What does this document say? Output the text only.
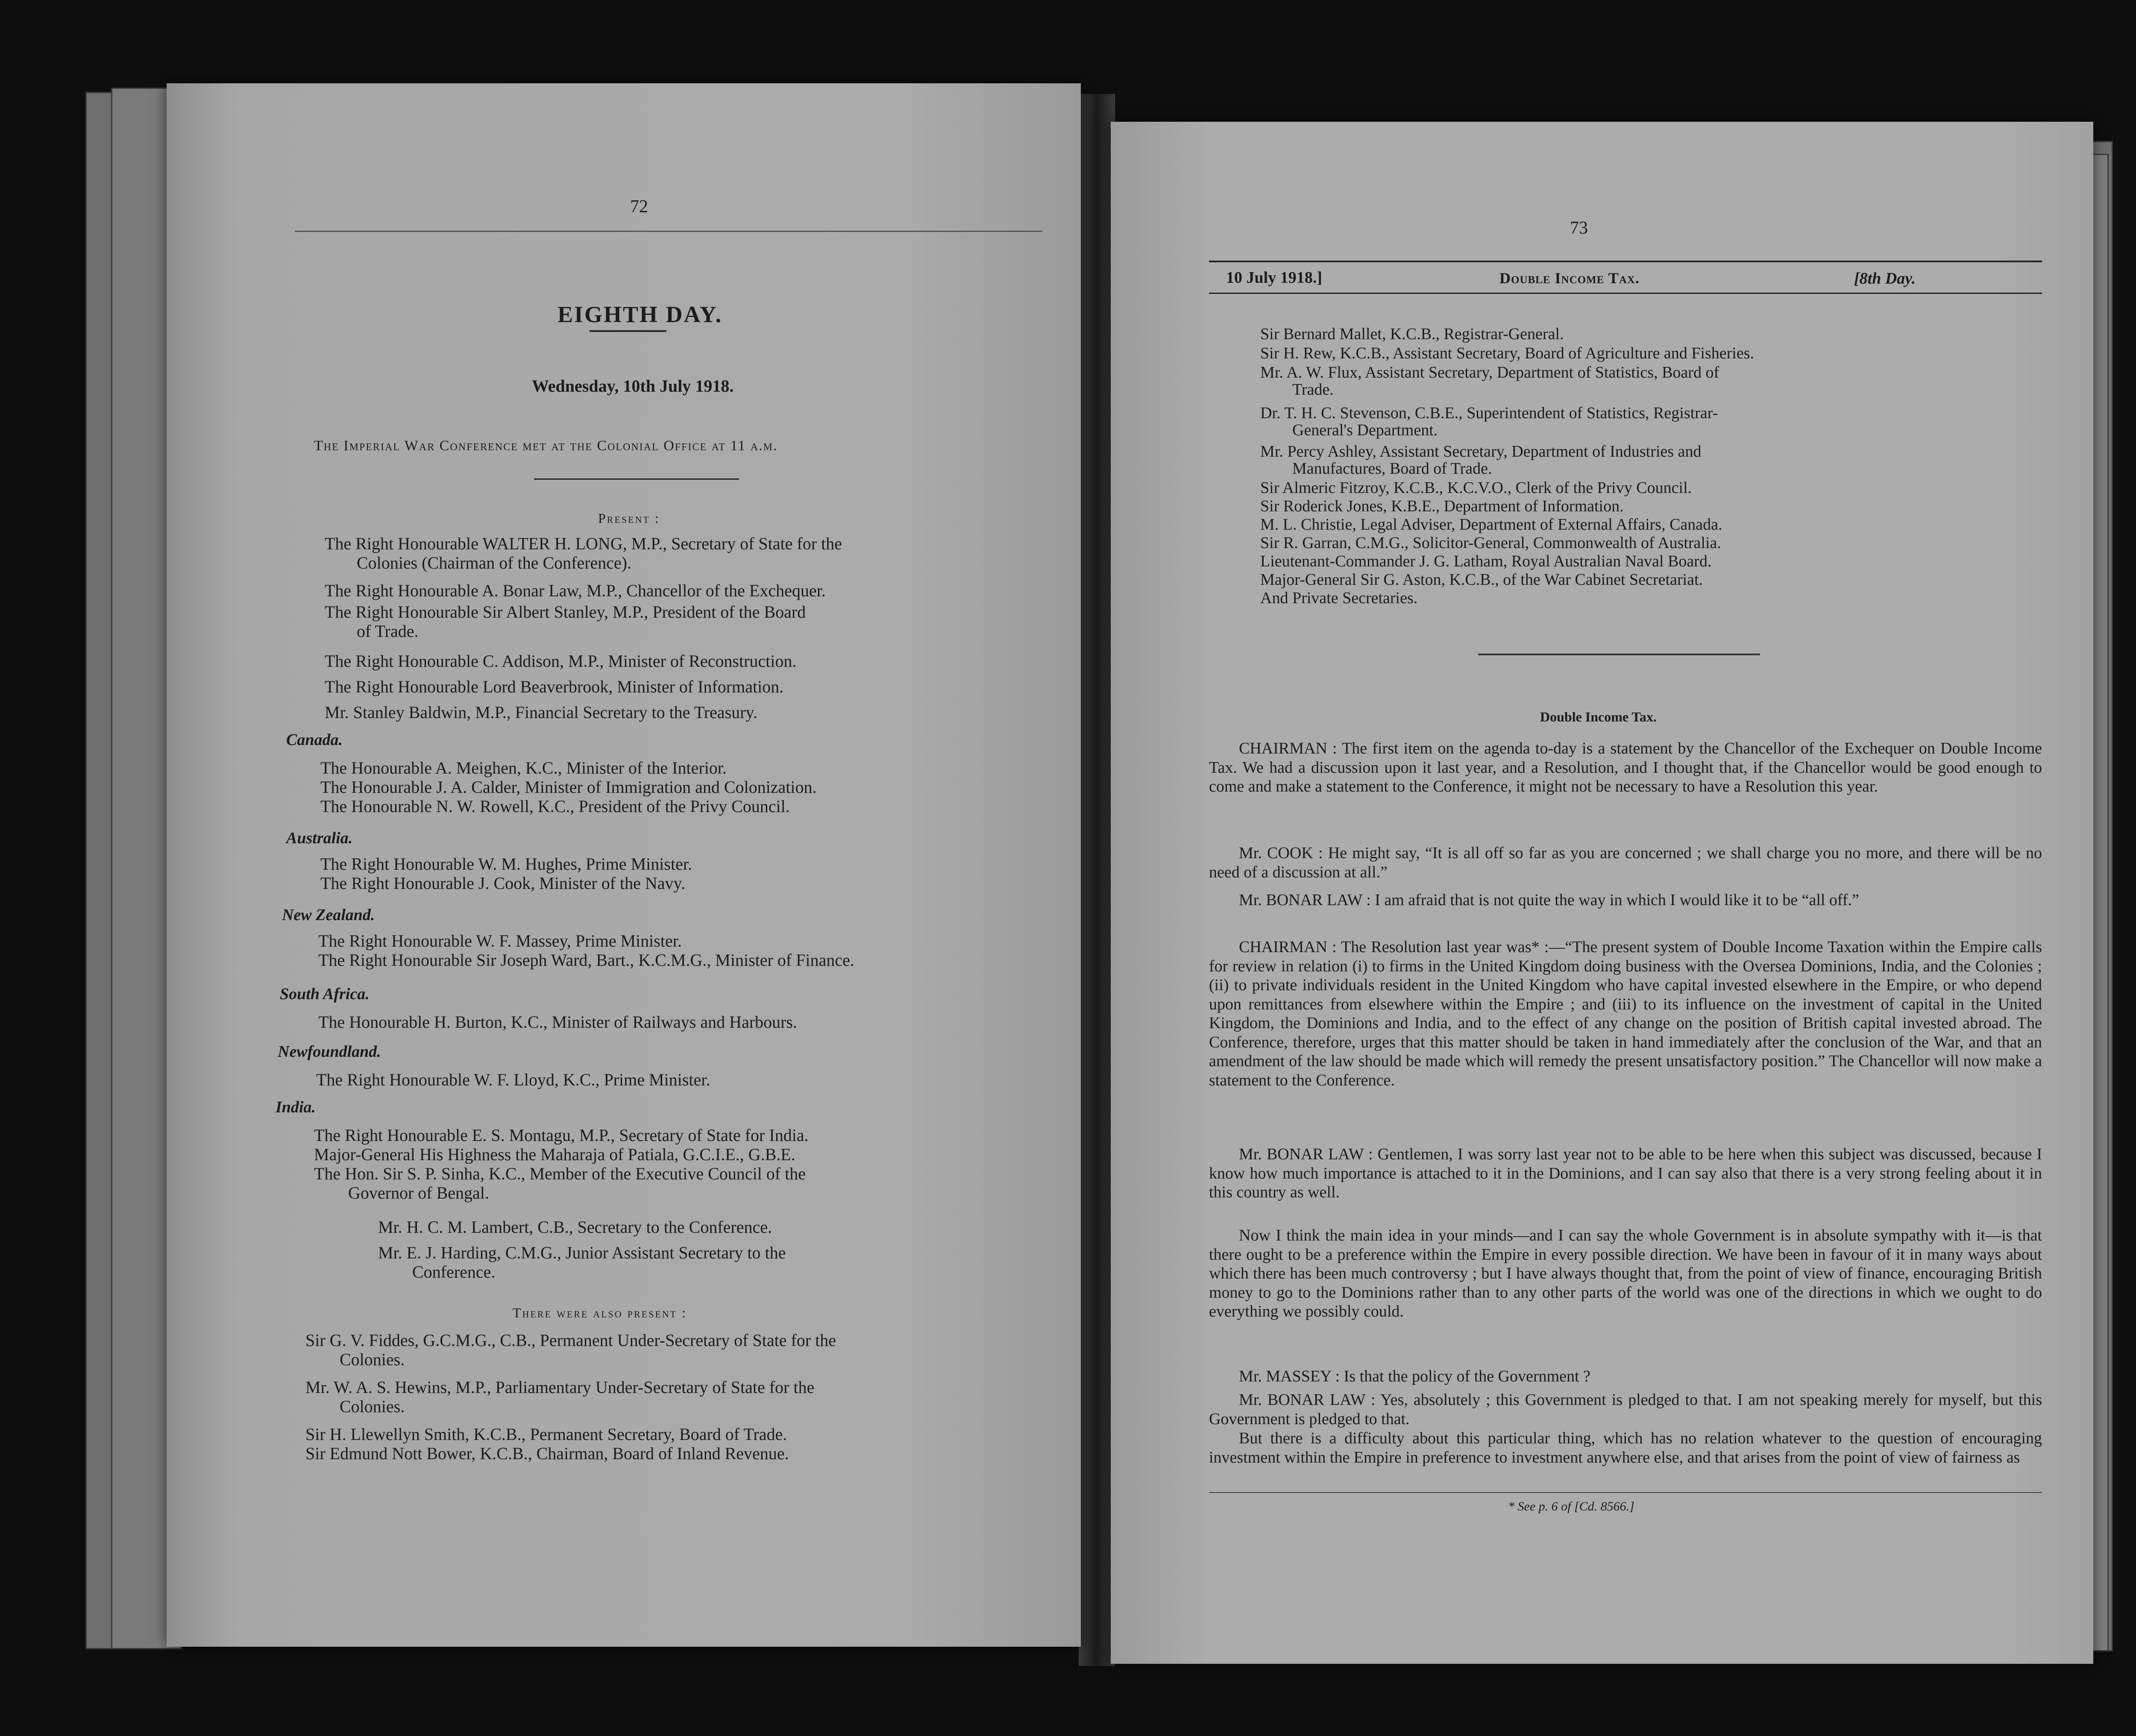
72
EIGHTH DAY.
Wednesday, 10th July 1918.
The Imperial War Conference met at the Colonial Office at 11 a.m.
Present :
The Right Honourable WALTER H. LONG, M.P., Secretary of State for the
Colonies (Chairman of the Conference).
The Right Honourable A. Bonar Law, M.P., Chancellor of the Exchequer.
The Right Honourable Sir Albert Stanley, M.P., President of the Board
of Trade.
The Right Honourable C. Addison, M.P., Minister of Reconstruction.
The Right Honourable Lord Beaverbrook, Minister of Information.
Mr. Stanley Baldwin, M.P., Financial Secretary to the Treasury.
Canada.
The Honourable A. Meighen, K.C., Minister of the Interior.
The Honourable J. A. Calder, Minister of Immigration and Colonization.
The Honourable N. W. Rowell, K.C., President of the Privy Council.
Australia.
The Right Honourable W. M. Hughes, Prime Minister.
The Right Honourable J. Cook, Minister of the Navy.
New Zealand.
The Right Honourable W. F. Massey, Prime Minister.
The Right Honourable Sir Joseph Ward, Bart., K.C.M.G., Minister of Finance.
South Africa.
The Honourable H. Burton, K.C., Minister of Railways and Harbours.
Newfoundland.
The Right Honourable W. F. Lloyd, K.C., Prime Minister.
India.
The Right Honourable E. S. Montagu, M.P., Secretary of State for India.
Major-General His Highness the Maharaja of Patiala, G.C.I.E., G.B.E.
The Hon. Sir S. P. Sinha, K.C., Member of the Executive Council of the
Governor of Bengal.
Mr. H. C. M. Lambert, C.B., Secretary to the Conference.
Mr. E. J. Harding, C.M.G., Junior Assistant Secretary to the
Conference.
There were also present :
Sir G. V. Fiddes, G.C.M.G., C.B., Permanent Under-Secretary of State for the
Colonies.
Mr. W. A. S. Hewins, M.P., Parliamentary Under-Secretary of State for the
Colonies.
Sir H. Llewellyn Smith, K.C.B., Permanent Secretary, Board of Trade.
Sir Edmund Nott Bower, K.C.B., Chairman, Board of Inland Revenue.
73
10 July 1918.]	Double Income Tax.	[8th Day.
Sir Bernard Mallet, K.C.B., Registrar-General.
Sir H. Rew, K.C.B., Assistant Secretary, Board of Agriculture and Fisheries.
Mr. A. W. Flux, Assistant Secretary, Department of Statistics, Board of
Trade.
Dr. T. H. C. Stevenson, C.B.E., Superintendent of Statistics, Registrar-
General's Department.
Mr. Percy Ashley, Assistant Secretary, Department of Industries and
Manufactures, Board of Trade.
Sir Almeric Fitzroy, K.C.B., K.C.V.O., Clerk of the Privy Council.
Sir Roderick Jones, K.B.E., Department of Information.
M. L. Christie, Legal Adviser, Department of External Affairs, Canada.
Sir R. Garran, C.M.G., Solicitor-General, Commonwealth of Australia.
Lieutenant-Commander J. G. Latham, Royal Australian Naval Board.
Major-General Sir G. Aston, K.C.B., of the War Cabinet Secretariat.
And Private Secretaries.
Double Income Tax.
CHAIRMAN : The first item on the agenda to-day is a statement by the Chancellor of the Exchequer on Double Income Tax. We had a discussion upon it last year, and a Resolution, and I thought that, if the Chancellor would be good enough to come and make a statement to the Conference, it might not be necessary to have a Resolution this year.
Mr. COOK : He might say, “It is all off so far as you are concerned ; we shall charge you no more, and there will be no need of a discussion at all.”
Mr. BONAR LAW : I am afraid that is not quite the way in which I would like it to be “all off.”
CHAIRMAN : The Resolution last year was* :—“The present system of Double Income Taxation within the Empire calls for review in relation (i) to firms in the United Kingdom doing business with the Oversea Dominions, India, and the Colonies ; (ii) to private individuals resident in the United Kingdom who have capital invested elsewhere in the Empire, or who depend upon remittances from elsewhere within the Empire ; and (iii) to its influence on the investment of capital in the United Kingdom, the Dominions and India, and to the effect of any change on the position of British capital invested abroad. The Conference, therefore, urges that this matter should be taken in hand immediately after the conclusion of the War, and that an amendment of the law should be made which will remedy the present unsatisfactory position.” The Chancellor will now make a statement to the Conference.
Mr. BONAR LAW : Gentlemen, I was sorry last year not to be able to be here when this subject was discussed, because I know how much importance is attached to it in the Dominions, and I can say also that there is a very strong feeling about it in this country as well.
Now I think the main idea in your minds—and I can say the whole Government is in absolute sympathy with it—is that there ought to be a preference within the Empire in every possible direction. We have been in favour of it in many ways about which there has been much controversy ; but I have always thought that, from the point of view of finance, encouraging British money to go to the Dominions rather than to any other parts of the world was one of the directions in which we ought to do everything we possibly could.
Mr. MASSEY : Is that the policy of the Government ?
Mr. BONAR LAW : Yes, absolutely ; this Government is pledged to that. I am not speaking merely for myself, but this Government is pledged to that.
But there is a difficulty about this particular thing, which has no relation whatever to the question of encouraging investment within the Empire in preference to investment anywhere else, and that arises from the point of view of fairness as
* See p. 6 of [Cd. 8566.]
